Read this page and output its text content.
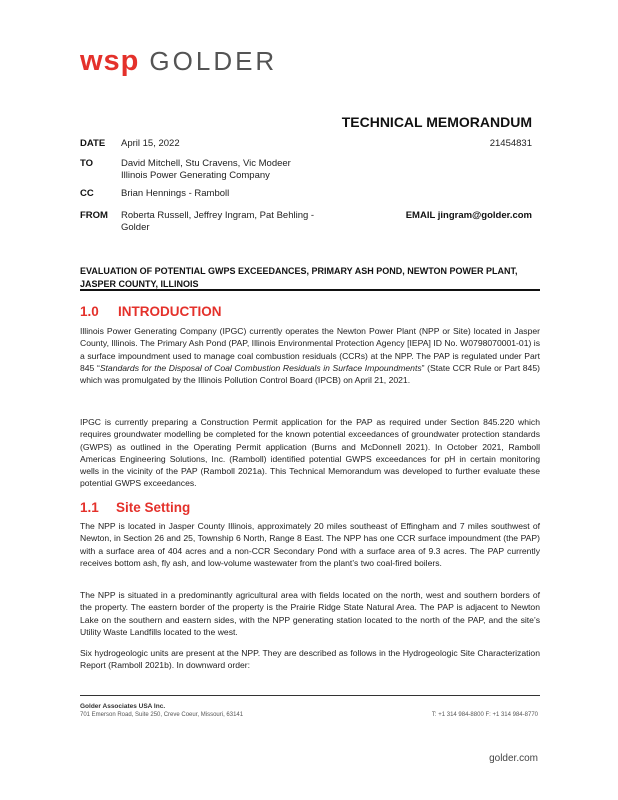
wsp GOLDER
TECHNICAL MEMORANDUM
DATE April 15, 2022	21454831
TO	David Mitchell, Stu Cravens, Vic Modeer
Illinois Power Generating Company
CC	Brian Hennings - Ramboll
FROM Roberta Russell, Jeffrey Ingram, Pat Behling -
Golder
EMAIL jingram@golder.com
EVALUATION OF POTENTIAL GWPS EXCEEDANCES, PRIMARY ASH POND, NEWTON POWER PLANT, JASPER COUNTY, ILLINOIS
1.0 INTRODUCTION
Illinois Power Generating Company (IPGC) currently operates the Newton Power Plant (NPP or Site) located in Jasper County, Illinois. The Primary Ash Pond (PAP, Illinois Environmental Protection Agency [IEPA] ID No. W0798070001-01) is a surface impoundment used to manage coal combustion residuals (CCRs) at the NPP. The PAP is regulated under Part 845 “Standards for the Disposal of Coal Combustion Residuals in Surface Impoundments” (State CCR Rule or Part 845) which was promulgated by the Illinois Pollution Control Board (IPCB) on April 21, 2021.
IPGC is currently preparing a Construction Permit application for the PAP as required under Section 845.220 which requires groundwater modelling be completed for the known potential exceedances of groundwater protection standards (GWPS) as outlined in the Operating Permit application (Burns and McDonnell 2021). In October 2021, Ramboll Americas Engineering Solutions, Inc. (Ramboll) identified potential GWPS exceedances for pH in certain monitoring wells in the vicinity of the PAP (Ramboll 2021a). This Technical Memorandum was developed to further evaluate these potential GWPS exceedances.
1.1 Site Setting
The NPP is located in Jasper County Illinois, approximately 20 miles southeast of Effingham and 7 miles southwest of Newton, in Section 26 and 25, Township 6 North, Range 8 East. The NPP has one CCR surface impoundment (the PAP) with a surface area of 404 acres and a non-CCR Secondary Pond with a surface area of 9.3 acres. The PAP currently receives bottom ash, fly ash, and low-volume wastewater from the plant’s two coal-fired boilers.
The NPP is situated in a predominantly agricultural area with fields located on the north, west and southern borders of the property. The eastern border of the property is the Prairie Ridge State Natural Area. The PAP is adjacent to Newton Lake on the southern and eastern sides, with the NPP generating station located to the north of the PAP, and the site’s Utility Waste Landfills located to the west.
Six hydrogeologic units are present at the NPP. They are described as follows in the Hydrogeologic Site Characterization Report (Ramboll 2021b). In downward order:
Golder Associates USA Inc.
701 Emerson Road, Suite 250, Creve Coeur, Missouri, 63141	T: +1 314 984-8800 F: +1 314 984-8770
golder.com
